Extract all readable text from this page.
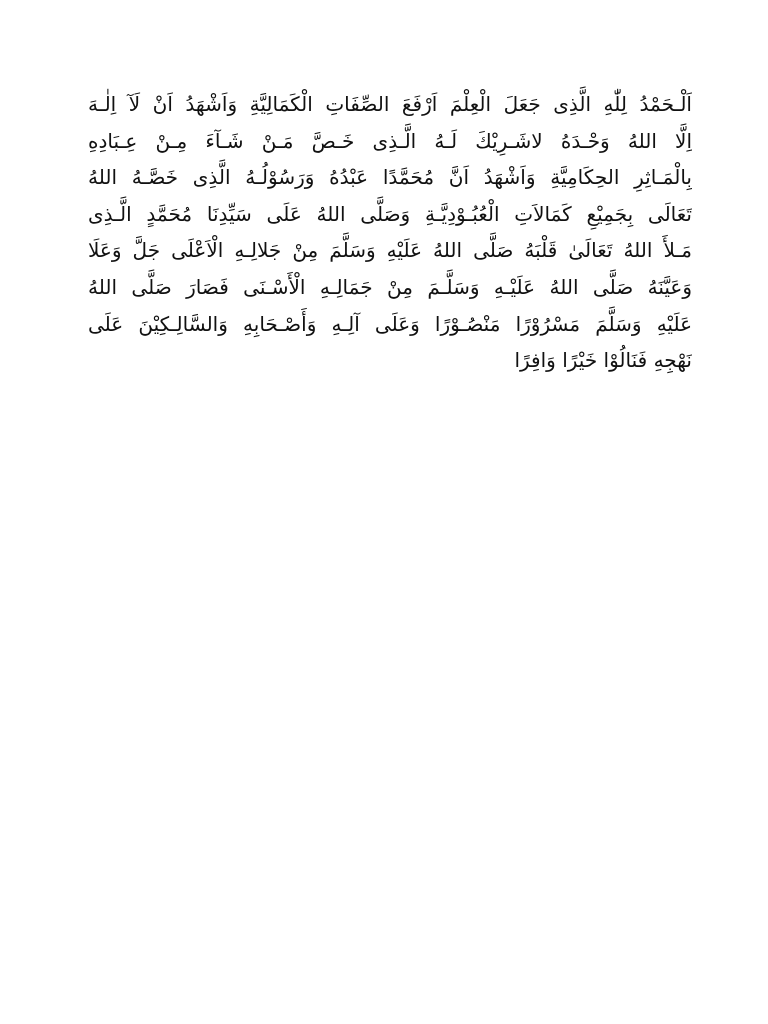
اَلْـحَمْدُ لِلّٰهِ الَّذِى جَعَلَ الْعِلْمَ اَرْفَعَ الصِّفَاتِ الْكَمَالِيَّةِ وَاَشْهَدُ اَنْ لَآ اِلٰـهَ
اِلَّا اللهُ وَحْـدَهُ لاشَـرِيْكَ لَـهُ الَّـذِى خَـصَّ مَـنْ شَـآءَ مِـنْ عِـبَادِهِ
بِالْمَـاثِرِ الحِكَامِيَّةِ وَاَشْهَدُ اَنَّ مُحَمَّدًا عَبْدُهُ وَرَسُوْلُـهُ الَّذِى خَصَّـهُ اللهُ
تَعَالَى بِجَمِيْعِ كَمَالاَتِ الْعُبُـوْدِيَّـةِ وَصَلَّى اللهُ عَلَى سَيِّدِنَا مُحَمَّدٍ الَّـذِى
مَـلأَ اللهُ تَعَالَىٰ قَلْبَهُ صَلَّى اللهُ عَلَيْهِ وَسَلَّمَ مِنْ جَلالِـهِ الْاَعْلَى جَلَّ وَعَلَا
وَعَيَّنَهُ صَلَّى اللهُ عَلَيْـهِ وَسَلَّـمَ مِنْ جَمَالِـهِ الْأَسْـنَى فَصَارَ صَلَّى اللهُ
عَلَيْهِ وَسَلَّمَ مَسْرُوْرًا مَنْصُـوْرًا وَعَلَى آلِـهِ وَأَصْـحَابِهِ وَالسَّالِـكِيْنَ عَلَى
نَهْجِهِ فَنَالُوْا خَيْرًا وَافِرًا
